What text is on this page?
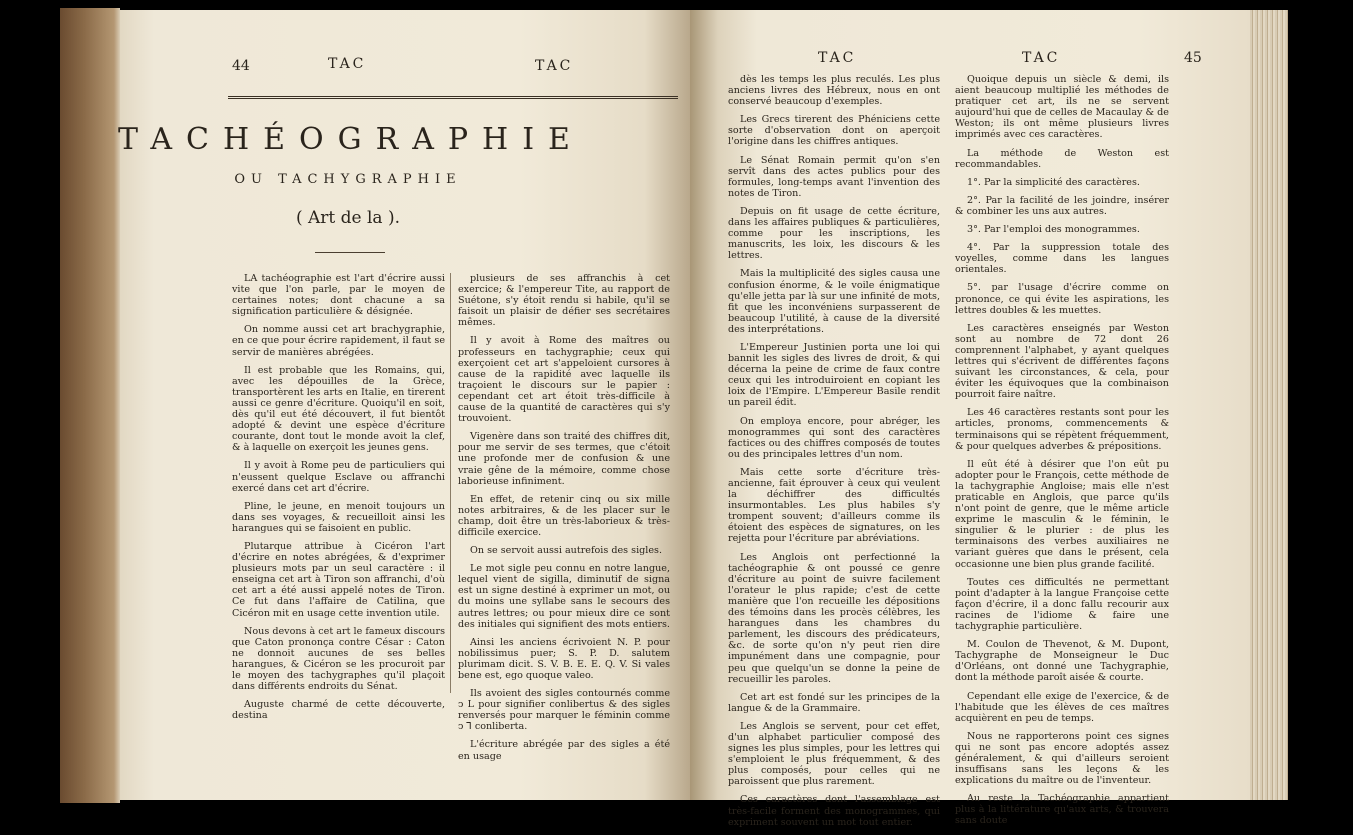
44	TAC	TAC
TACHÉOGRAPHIE
OU TACHYGRAPHIE
( Art de la ).

LA tachéographie est l'art d'écrire aussi vite que l'on parle, par le moyen de certaines notes; dont chacune a sa signification particulière & désignée.

On nomme aussi cet art brachygraphie, en ce que pour écrire rapidement, il faut se servir de manières abrégées.

Il est probable que les Romains, qui, avec les dépouilles de la Grèce, transportèrent les arts en Italie, en tirerent aussi ce genre d'écriture. Quoiqu'il en soit, dès qu'il eut été découvert, il fut bientôt adopté & devint une espèce d'écriture courante, dont tout le monde avoit la clef, & à laquelle on exerçoit les jeunes gens.

Il y avoit à Rome peu de particuliers qui n'eussent quelque Esclave ou affranchi exercé dans cet art d'écrire.

Pline, le jeune, en menoit toujours un dans ses voyages, & recueilloit ainsi les harangues qui se faisoient en public.

Plutarque attribue à Cicéron l'art d'écrire en notes abrégées, & d'exprimer plusieurs mots par un seul caractère : il enseigna cet art à Tiron son affranchi, d'où cet art a été aussi appelé notes de Tiron. Ce fut dans l'affaire de Catilina, que Cicéron mit en usage cette invention utile.

Nous devons à cet art le fameux discours que Caton prononça contre César : Caton ne donnoit aucunes de ses belles harangues, & Cicéron se les procuroit par le moyen des tachygraphes qu'il plaçoit dans différents endroits du Sénat.

Auguste charmé de cette découverte, destina

plusieurs de ses affranchis à cet exercice; & l'empereur Tite, au rapport de Suétone, s'y étoit rendu si habile, qu'il se faisoit un plaisir de défier ses secrétaires mêmes.

Il y avoit à Rome des maîtres ou professeurs en tachygraphie; ceux qui exerçoient cet art s'appeloient cursores à cause de la rapidité avec laquelle ils traçoient le discours sur le papier : cependant cet art étoit très-difficile à cause de la quantité de caractères qui s'y trouvoient.

Vigenère dans son traité des chiffres dit, pour me servir de ses termes, que c'étoit une profonde mer de confusion & une vraie gêne de la mémoire, comme chose laborieuse infiniment.

En effet, de retenir cinq ou six mille notes arbitraires, & de les placer sur le champ, doit être un très-laborieux & très-difficile exercice.

On se servoit aussi autrefois des sigles.

Le mot sigle peu connu en notre langue, lequel vient de sigilla, diminutif de signa est un signe destiné à exprimer un mot, ou du moins une syllabe sans le secours des autres lettres; ou pour mieux dire ce sont des initiales qui signifient des mots entiers.

Ainsi les anciens écrivoient N. P. pour nobilissimus puer; S. P. D. salutem plurimam dicit. S. V. B. E. E. Q. V. Si vales bene est, ego quoque valeo.

Ils avoient des sigles contournés comme ↄ L pour signifier conlibertus & des sigles renversés pour marquer le féminin comme ↄ ꓶ conliberta.

L'écriture abrégée par des sigles a été en usage

TAC	TAC	45

dès les temps les plus reculés. Les plus anciens livres des Hébreux, nous en ont conservé beaucoup d'exemples.

Les Grecs tirerent des Phéniciens cette sorte d'observation dont on aperçoit l'origine dans les chiffres antiques.

Le Sénat Romain permit qu'on s'en servît dans des actes publics pour des formules, long-temps avant l'invention des notes de Tiron.

Depuis on fit usage de cette écriture, dans les affaires publiques & particulières, comme pour les inscriptions, les manuscrits, les loix, les discours & les lettres.

Mais la multiplicité des sigles causa une confusion énorme, & le voile énigmatique qu'elle jetta par là sur une infinité de mots, fit que les inconvéniens surpasserent de beaucoup l'utilité, à cause de la diversité des interprétations.

L'Empereur Justinien porta une loi qui bannit les sigles des livres de droit, & qui décerna la peine de crime de faux contre ceux qui les introduiroient en copiant les loix de l'Empire. L'Empereur Basile rendit un pareil édit.

On employa encore, pour abréger, les monogrammes qui sont des caractères factices ou des chiffres composés de toutes ou des principales lettres d'un nom.

Mais cette sorte d'écriture très-ancienne, fait éprouver à ceux qui veulent la déchiffrer des difficultés insurmontables. Les plus habiles s'y trompent souvent; d'ailleurs comme ils étoient des espèces de signatures, on les rejetta pour l'écriture par abréviations.

Les Anglois ont perfectionné la tachéographie & ont poussé ce genre d'écriture au point de suivre facilement l'orateur le plus rapide; c'est de cette manière que l'on recueille les dépositions des témoins dans les procès célèbres, les harangues dans les chambres du parlement, les discours des prédicateurs, &c. de sorte qu'on n'y peut rien dire impunément dans une compagnie, pour peu que quelqu'un se donne la peine de recueillir les paroles.

Cet art est fondé sur les principes de la langue & de la Grammaire.

Les Anglois se servent, pour cet effet, d'un alphabet particulier composé des signes les plus simples, pour les lettres qui s'emploient le plus fréquemment, & des plus composés, pour celles qui ne paroissent que plus rarement.

Ces caractères dont l'assemblage est très-facile forment des monogrammes, qui expriment souvent un mot tout entier.

Quoique depuis un siècle & demi, ils aient beaucoup multiplié les méthodes de pratiquer cet art, ils ne se servent aujourd'hui que de celles de Macaulay & de Weston; ils ont même plusieurs livres imprimés avec ces caractères.

La méthode de Weston est recommandables.

1°. Par la simplicité des caractères.

2°. Par la facilité de les joindre, insérer & combiner les uns aux autres.

3°. Par l'emploi des monogrammes.

4°. Par la suppression totale des voyelles, comme dans les langues orientales.

5°. par l'usage d'écrire comme on prononce, ce qui évite les aspirations, les lettres doubles & les muettes.

Les caractères enseignés par Weston sont au nombre de 72 dont 26 comprennent l'alphabet, y ayant quelques lettres qui s'écrivent de différentes façons suivant les circonstances, & cela, pour éviter les équivoques que la combinaison pourroit faire naître.

Les 46 caractères restants sont pour les articles, pronoms, commencements & terminaisons qui se répètent fréquemment, & pour quelques adverbes & prépositions.

Il eût été à désirer que l'on eût pu adopter pour le François, cette méthode de la tachygraphie Angloise; mais elle n'est praticable en Anglois, que parce qu'ils n'ont point de genre, que le même article exprime le masculin & le féminin, le singulier & le plurier : de plus les terminaisons des verbes auxiliaires ne variant guères que dans le présent, cela occasionne une bien plus grande facilité.

Toutes ces difficultés ne permettant point d'adapter à la langue Françoise cette façon d'écrire, il a donc fallu recourir aux racines de l'idiome & faire une tachygraphie particulière.

M. Coulon de Thevenot, & M. Dupont, Tachygraphe de Monseigneur le Duc d'Orléans, ont donné une Tachygraphie, dont la méthode paroît aisée & courte.

Cependant elle exige de l'exercice, & de l'habitude que les élèves de ces maîtres acquièrent en peu de temps.

Nous ne rapporterons point ces signes qui ne sont pas encore adoptés assez généralement, & qui d'ailleurs seroient insuffisans sans les leçons & les explications du maître ou de l'inventeur.

Au reste la Tachéographie appartient plus à la littérature qu'aux arts, & trouvera sans doute
